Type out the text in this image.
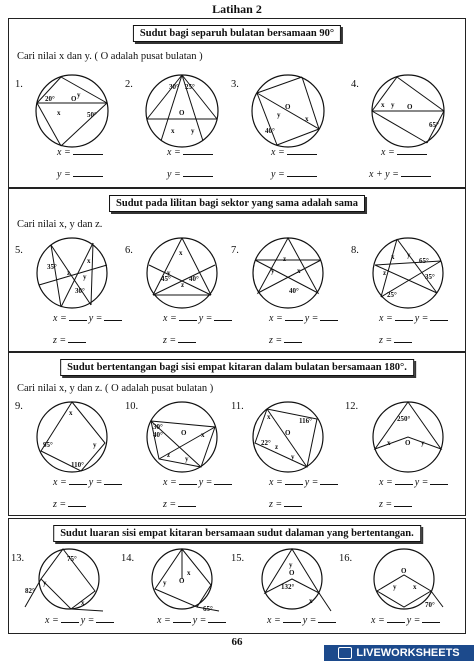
Latihan 2
Sudut bagi separuh bulatan bersamaan 90°
Cari nilai x dan y. ( O adalah pusat bulatan )
1.
20°
50°
O
x
y
2.	30° 25°
O
x y
3.
O
y	x
40°
4.
O
x y
65°
x =	x =	x =	x =
y =	y =	y =	x + y =
Sudut pada lilitan bagi sektor yang sama adalah sama
Cari nilai x, y dan z.
5.
35°
30°
z
x
y
6.
45°	40°
x
y
z
7.
z
y	x
40°
8.
65°
35°
25°
x
z
y
x = y =	x = y =	x = y =	x = y =
z =	z =	z =	z =
Sudut bertentangan bagi sisi empat kitaran dalam bulatan bersamaan 180°.
Cari nilai x, y dan z. ( O adalah pusat bulatan )
9.
x
y
95°
110°
10.
30°
40°	O x
y
z
11.
116°
22°
O
y
z
x
12.
250°
O
x	y
x = y =	x = y =	x = y =	x = y =
z =	z =	z =	z =
Sudut luaran sisi empat kitaran bersamaan sudut dalaman yang bertentangan.
13.	75°
82°
x
y
14.
O
y
x
65°
15.
y
O
132°
x
16.
O
y x
70°
x = y =	x = y =	x = y =	x = y =
66
LIVEWORKSHEETS
